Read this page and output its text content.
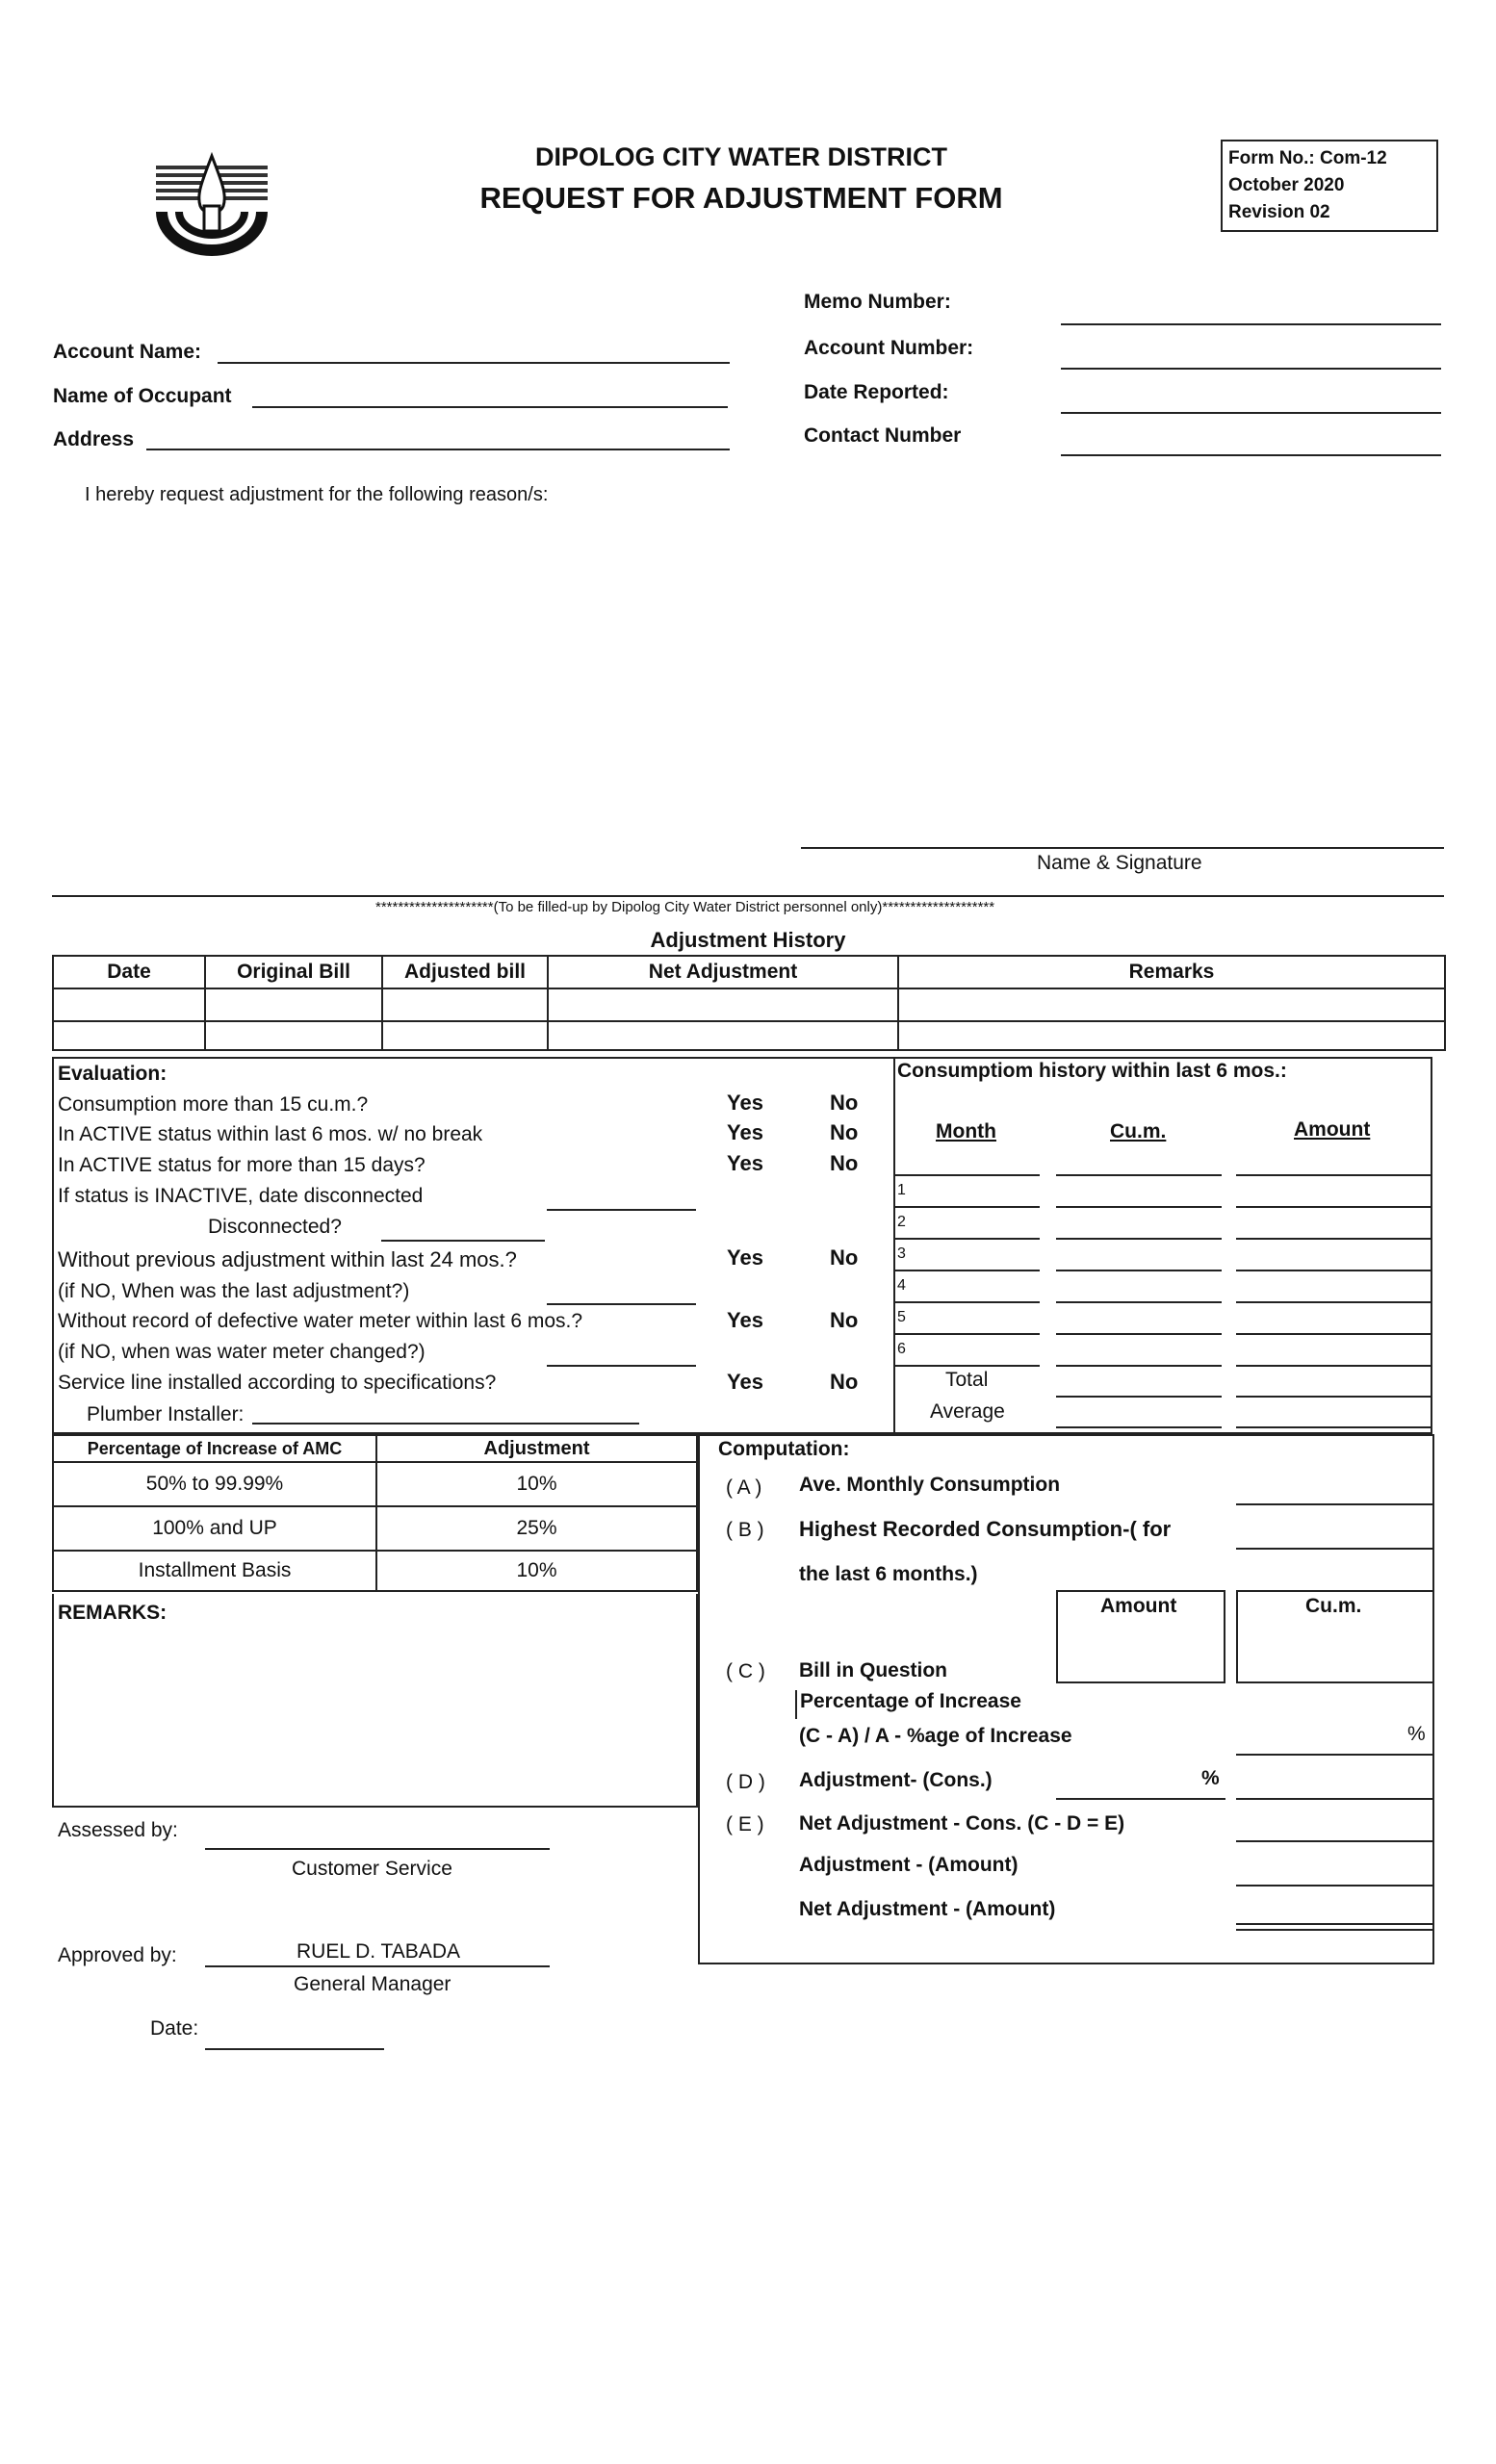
DIPOLOG CITY WATER DISTRICT
REQUEST FOR ADJUSTMENT FORM
Form No.: Com-12
October 2020
Revision 02
Memo Number:
Account Name:	Account Number:
Name of Occupant	Date Reported:
Address	Contact Number
I hereby request adjustment for the following reason/s:
Name & Signature
*********************(To be filled-up by Dipolog City Water District personnel only)********************
Adjustment History
Date	Original Bill	Adjusted bill	Net Adjustment	Remarks

Evaluation:
Consumption more than 15 cu.m.?	Yes	No
In ACTIVE status within last 6 mos. w/ no break	Yes	No
In ACTIVE status for more than 15 days?	Yes	No
If status is INACTIVE, date disconnected
Disconnected?
Without previous adjustment within last 24 mos.?	Yes	No
(if NO, When was the last adjustment?)
Without record of defective water meter within last 6 mos.?	Yes	No
(if NO, when was water meter changed?)
Service line installed according to specifications?	Yes	No
Plumber Installer:
Consumptiom history within last 6 mos.:
Month	Cu.m.	Amount
1
2
3
4
5
6
Total
Average
Percentage of Increase of AMC	Adjustment
50% to 99.99%	10%
100% and UP	25%
Installment Basis	10%
REMARKS:
Computation:
( A ) Ave. Monthly Consumption
( B ) Highest Recorded Consumption-( for
the last 6 months.)
Amount	Cu.m.
( C ) Bill in Question
Percentage of Increase
(C - A) / A - %age of Increase	%
( D ) Adjustment- (Cons.)	%
( E ) Net Adjustment - Cons. (C - D = E)
Adjustment - (Amount)
Net Adjustment - (Amount)
Assessed by:
Customer Service
Approved by:	RUEL D. TABADA
General Manager
Date:
